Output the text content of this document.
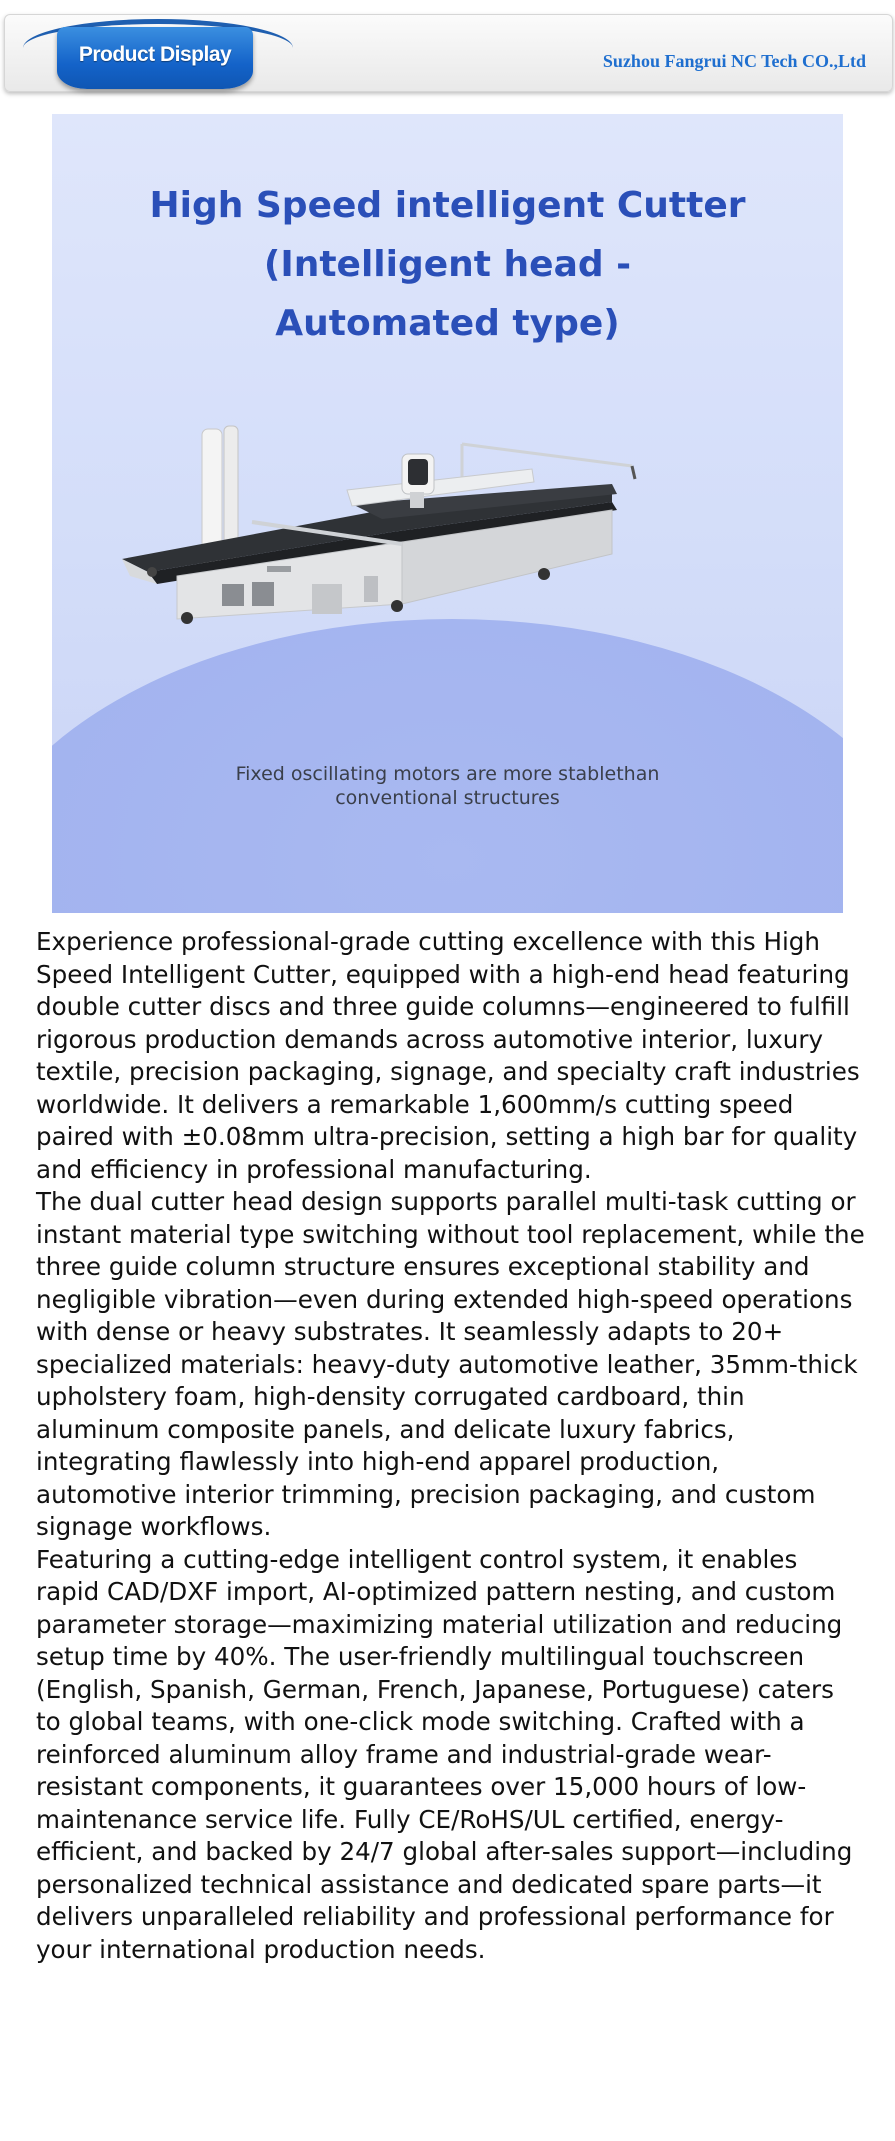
Product Display	Suzhou Fangrui NC Tech CO.,Ltd
High Speed intelligent Cutter
(Intelligent head -
Automated type)
Fixed oscillating motors are more stablethan
conventional structures

Experience professional-grade cutting excellence with this High Speed Intelligent Cutter, equipped with a high-end head featuring double cutter discs and three guide columns—engineered to fulfill rigorous production demands across automotive interior, luxury textile, precision packaging, signage, and specialty craft industries worldwide. It delivers a remarkable 1,600mm/s cutting speed paired with ±0.08mm ultra-precision, setting a high bar for quality and efficiency in professional manufacturing.

The dual cutter head design supports parallel multi-task cutting or instant material type switching without tool replacement, while the three guide column structure ensures exceptional stability and negligible vibration—even during extended high-speed operations with dense or heavy substrates. It seamlessly adapts to 20+ specialized materials: heavy-duty automotive leather, 35mm-thick upholstery foam, high-density corrugated cardboard, thin aluminum composite panels, and delicate luxury fabrics, integrating flawlessly into high-end apparel production, automotive interior trimming, precision packaging, and custom signage workflows.

Featuring a cutting-edge intelligent control system, it enables rapid CAD/DXF import, AI-optimized pattern nesting, and custom parameter storage—maximizing material utilization and reducing setup time by 40%. The user-friendly multilingual touchscreen (English, Spanish, German, French, Japanese, Portuguese) caters to global teams, with one-click mode switching. Crafted with a reinforced aluminum alloy frame and industrial-grade wear-resistant components, it guarantees over 15,000 hours of low-maintenance service life. Fully CE/RoHS/UL certified, energy-efficient, and backed by 24/7 global after-sales support—including personalized technical assistance and dedicated spare parts—it delivers unparalleled reliability and professional performance for your international production needs.
